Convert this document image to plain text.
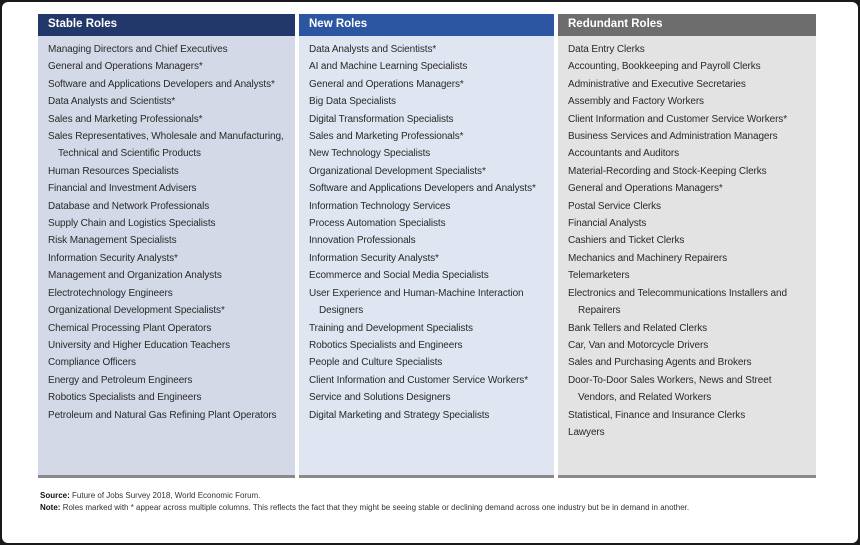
Stable Roles
Managing Directors and Chief Executives
General and Operations Managers*
Software and Applications Developers and Analysts*
Data Analysts and Scientists*
Sales and Marketing Professionals*
Sales Representatives, Wholesale and Manufacturing, Technical and Scientific Products
Human Resources Specialists
Financial and Investment Advisers
Database and Network Professionals
Supply Chain and Logistics Specialists
Risk Management Specialists
Information Security Analysts*
Management and Organization Analysts
Electrotechnology Engineers
Organizational Development Specialists*
Chemical Processing Plant Operators
University and Higher Education Teachers
Compliance Officers
Energy and Petroleum Engineers
Robotics Specialists and Engineers
Petroleum and Natural Gas Refining Plant Operators
New Roles
Data Analysts and Scientists*
AI and Machine Learning Specialists
General and Operations Managers*
Big Data Specialists
Digital Transformation Specialists
Sales and Marketing Professionals*
New Technology Specialists
Organizational Development Specialists*
Software and Applications Developers and Analysts*
Information Technology Services
Process Automation Specialists
Innovation Professionals
Information Security Analysts*
Ecommerce and Social Media Specialists
User Experience and Human-Machine Interaction Designers
Training and Development Specialists
Robotics Specialists and Engineers
People and Culture Specialists
Client Information and Customer Service Workers*
Service and Solutions Designers
Digital Marketing and Strategy Specialists
Redundant Roles
Data Entry Clerks
Accounting, Bookkeeping and Payroll Clerks
Administrative and Executive Secretaries
Assembly and Factory Workers
Client Information and Customer Service Workers*
Business Services and Administration Managers
Accountants and Auditors
Material-Recording and Stock-Keeping Clerks
General and Operations Managers*
Postal Service Clerks
Financial Analysts
Cashiers and Ticket Clerks
Mechanics and Machinery Repairers
Telemarketers
Electronics and Telecommunications Installers and Repairers
Bank Tellers and Related Clerks
Car, Van and Motorcycle Drivers
Sales and Purchasing Agents and Brokers
Door-To-Door Sales Workers, News and Street Vendors, and Related Workers
Statistical, Finance and Insurance Clerks
Lawyers

Source: Future of Jobs Survey 2018, World Economic Forum.

Note: Roles marked with * appear across multiple columns. This reflects the fact that they might be seeing stable or declining demand across one industry but be in demand in another.
